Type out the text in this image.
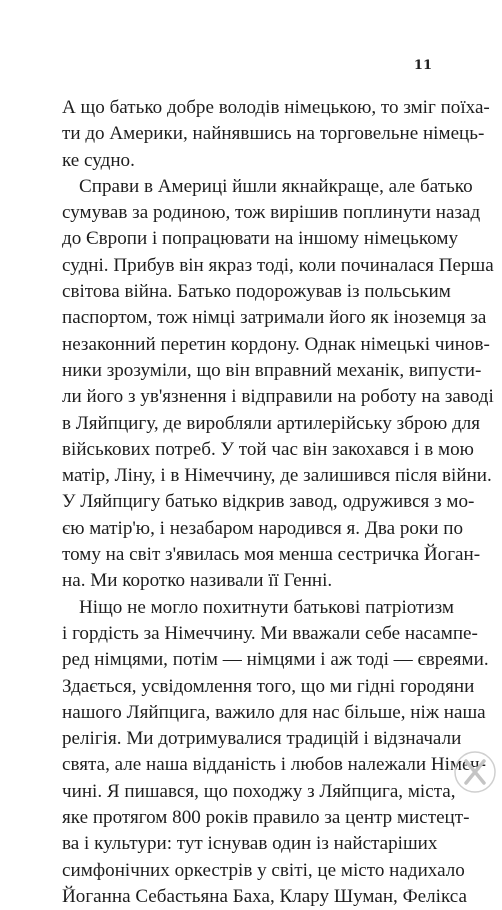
11
А що батько добре володів німецькою, то зміг поїха-
ти до Америки, найнявшись на торговельне німець-
ке судно.
Справи в Америці йшли якнайкраще, але батько
сумував за родиною, тож вирішив поплинути назад
до Європи і попрацювати на іншому німецькому
судні. Прибув він якраз тоді, коли починалася Перша
світова війна. Батько подорожував із польським
паспортом, тож німці затримали його як іноземця за
незаконний перетин кордону. Однак німецькі чинов-
ники зрозуміли, що він вправний механік, випусти-
ли його з ув'язнення і відправили на роботу на заводі
в Ляйпцигу, де виробляли артилерійську зброю для
військових потреб. У той час він закохався і в мою
матір, Ліну, і в Німеччину, де залишився після війни.
У Ляйпцигу батько відкрив завод, одружився з мо-
єю матір'ю, і незабаром народився я. Два роки по
тому на світ з'явилась моя менша сестричка Йоган-
на. Ми коротко називали її Генні.
Ніщо не могло похитнути батькові патріотизм
і гордість за Німеччину. Ми вважали себе насампе-
ред німцями, потім — німцями і аж тоді — євреями.
Здається, усвідомлення того, що ми гідні городяни
нашого Ляйпцига, важило для нас більше, ніж наша
релігія. Ми дотримувалися традицій і відзначали
свята, але наша відданість і любов належали Німеч-
чині. Я пишався, що походжу з Ляйпцига, міста,
яке протягом 800 років правило за центр мистецт-
ва і культури: тут існував один із найстаріших
симфонічних оркестрів у світі, це місто надихало
Йоганна Себастьяна Баха, Клару Шуман, Фелікса
